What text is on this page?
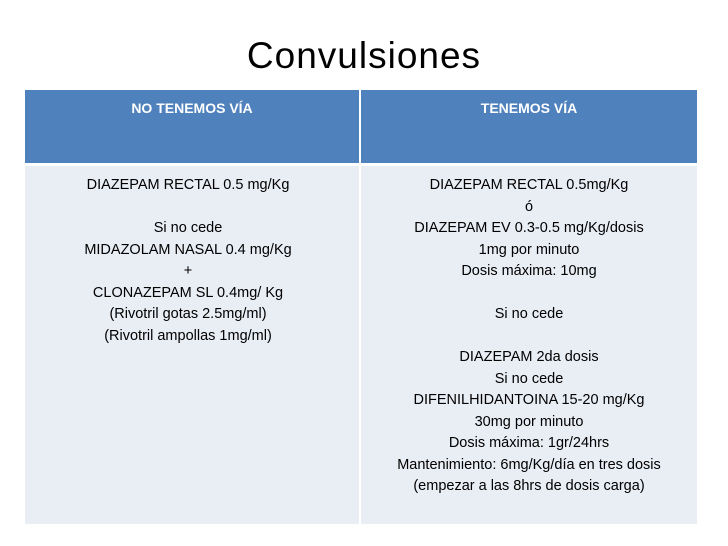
Convulsiones
NO TENEMOS VÍA	TENEMOS VÍA
DIAZEPAM RECTAL 0.5 mg/Kg
Si no cede
MIDAZOLAM NASAL 0.4 mg/Kg
+
CLONAZEPAM SL 0.4mg/ Kg
(Rivotril gotas 2.5mg/ml)
(Rivotril ampollas 1mg/ml)
DIAZEPAM RECTAL 0.5mg/Kg
ó
DIAZEPAM EV 0.3-0.5 mg/Kg/dosis
1mg por minuto
Dosis máxima: 10mg
Si no cede
DIAZEPAM 2da dosis
Si no cede
DIFENILHIDANTOINA 15-20 mg/Kg
30mg por minuto
Dosis máxima: 1gr/24hrs
Mantenimiento: 6mg/Kg/día en tres dosis
(empezar a las 8hrs de dosis carga)
